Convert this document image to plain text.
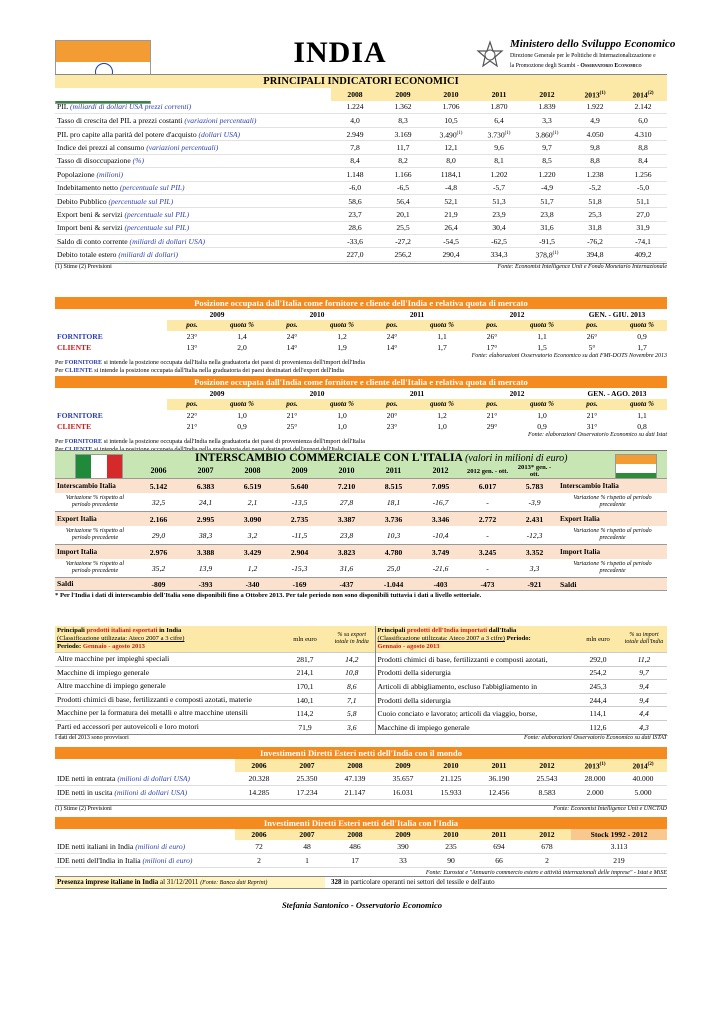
INDIA	Ministero dello Sviluppo Economico
Direzione Generale per le Politiche di Internazionalizzazione e
la Promozione degli Scambi - Osservatorio Economico
PRINCIPALI INDICATORI ECONOMICI
	2008	2009	2010	2011	2012	2013$^{(1)}$	2014$^{(2)}$
PIL (miliardi di dollari USA prezzi correnti)	1.224	1.362	1.706	1.870	1.839	1.922	2.142
Tasso di crescita del PIL a prezzi costanti (variazioni percentuali)	4,0	8,3	10,5	6,4	3,3	4,9	6,0
PIL pro capite alla parità del potere d'acquisto (dollari USA)	2.949	3.169	3.490$^{(1)}$	3.730$^{(1)}$	3.860$^{(1)}$	4.050	4.310
Indice dei prezzi al consumo (variazioni percentuali)	7,8	11,7	12,1	9,6	9,7	9,8	8,8
Tasso di disoccupazione (%)	8,4	8,2	8,0	8,1	8,5	8,8	8,4
Popolazione (milioni)	1.148	1.166	1184,1	1.202	1.220	1.238	1.256
Indebitamento netto (percentuale sul PIL)	-6,0	-6,5	-4,8	-5,7	-4,9	-5,2	-5,0
Debito Pubblico (percentuale sul PIL)	58,6	56,4	52,1	51,3	51,7	51,8	51,1
Export beni & servizi (percentuale sul PIL)	23,7	20,1	21,9	23,9	23,8	25,3	27,0
Import beni & servizi (percentuale sul PIL)	28,6	25,5	26,4	30,4	31,6	31,8	31,9
Saldo di conto corrente (miliardi di dollari USA)	-33,6	-27,2	-54,5	-62,5	-91,5	-76,2	-74,1
Debito totale estero (miliardi di dollari)	227,0	256,2	290,4	334,3	378,8$^{(1)}$	394,8	409,2
(1) Stime (2) Previsioni	Fonte: Economist Intelligence Unit e Fondo Monetario Internazionale
Posizione occupata dall'Italia come fornitore e cliente dell'India e relativa quota di mercato
	2009		2010		2011		2012		GEN. - GIU. 2013	
	pos.	quota %	pos.	quota %	pos.	quota %	pos.	quota %	pos.	quota %
FORNITORE	23°	1,4	24°	1,2	24°	1,1	26°	1,1	26°	0,9
CLIENTE	13°	2,0	14°	1,9	14°	1,7	17°	1,5	5°	1,7
Fonte: elaborazioni Osservatorio Economico su dati FMI-DOTS Novembre 2013
Per FORNITORE si intende la posizione occupata dall'Italia nella graduatoria dei paesi di provenienza dell'import dell'India
Per CLIENTE si intende la posizione occupata dall'Italia nella graduatoria dei paesi destinatari dell'export dell'India
Posizione occupata dall'India come fornitore e cliente dell'Italia e relativa quota di mercato
	2009		2010		2011		2012		GEN. - AGO. 2013	
	pos.	quota %	pos.	quota %	pos.	quota %	pos.	quota %	pos.	quota %
FORNITORE	22°	1,0	21°	1,0	20°	1,2	21°	1,0	21°	1,1
CLIENTE	21°	0,9	25°	1,0	23°	1,0	29°	0,9	31°	0,8
Fonte: elaborazioni Osservatorio Economico su dati Istat
Per FORNITORE si intende la posizione occupata dall'India nella graduatoria dei paesi di provenienza dell'import dell'Italia
INTERSCAMBIO COMMERCIALE CON L'ITALIA (valori in milioni di euro)
	2006	2007	2008	2009	2010	2011	2012	2012 gen. - ott.	2013* gen. - ott.	
Interscambio Italia	5.142	6.383	6.519	5.640	7.210	8.515	7.095	6.017	5.783	Interscambio Italia
Variazione % rispetto al periodo precedente	32,5	24,1	2,1	-13,5	27,8	18,1	-16,7	-	-3,9	Variazione % rispetto al periodo precedente
Export Italia	2.166	2.995	3.090	2.735	3.387	3.736	3.346	2.772	2.431	Export Italia
Variazione % rispetto al periodo precedente	29,0	38,3	3,2	-11,5	23,8	10,3	-10,4	-	-12,3	Variazione % rispetto al periodo precedente
Import Italia	2.976	3.388	3.429	2.904	3.823	4.780	3.749	3.245	3.352	Import Italia
Variazione % rispetto al periodo precedente	35,2	13,9	1,2	-15,3	31,6	25,0	-21,6	-	3,3	Variazione % rispetto al periodo precedente
Saldi	-809	-393	-340	-169	-437	-1.044	-403	-473	-921	Saldi
* Per l'India i dati di interscambio dell'Italia sono disponibili fino a Ottobre 2013. Per tale periodo non sono disponibili tuttavia i dati a livello settoriale.
Principali prodotti italiani esportati in India
(Classificazione utilizzata: Ateco 2007 a 3 cifre)
Periodo: Gennaio - agosto 2013	mln euro	% su export totale in India	Principali prodotti dell'India importati dall'Italia
(Classificazione utilizzata: Ateco 2007 a 3 cifre) Periodo:
Gennaio - agosto 2013	mln euro	% su import totale dall'India
Altre macchine per impieghi speciali	281,7	14,2	Prodotti chimici di base, fertilizzanti e composti azotati,	292,0	11,2
Macchine di impiego generale	214,1	10,8	Prodotti della siderurgia	254,2	9,7
Altre macchine di impiego generale	170,1	8,6	Articoli di abbigliamento, escluso l'abbigliamento in	245,3	9,4
Prodotti chimici di base, fertilizzanti e composti azotati, materie	140,1	7,1	Prodotti della siderurgia	244,4	9,4
Macchine per la formatura dei metalli e altre macchine utensili	114,2	5,8	Cuoio conciato e lavorato; articoli da viaggio, borse,	114,1	4,4
Parti ed accessori per autoveicoli e loro motori	71,9	3,6	Macchine di impiego generale	112,6	4,3
I dati del 2013 sono provvisori	Fonte: elaborazioni Osservatorio Economico su dati ISTAT
Investimenti Diretti Esteri netti dell'India con il mondo
	2006	2007	2008	2009	2010	2011	2012	2013$^{(1)}$	2014$^{(2)}$
IDE netti in entrata (milioni di dollari USA)	20.328	25.350	47.139	35.657	21.125	36.190	25.543	28.000	40.000
IDE netti in uscita (milioni di dollari USA)	14.285	17.234	21.147	16.031	15.933	12.456	8.583	2.000	5.000
(1) Stime (2) Previsioni	Fonte: Economist Intelligence Unit e UNCTAD
Investimenti Diretti Esteri netti dell'Italia con l'India
	2006	2007	2008	2009	2010	2011	2012	Stock 1992 - 2012
IDE netti italiani in India (milioni di euro)	72	48	486	390	235	694	678	3.113
IDE netti dell'India in Italia (milioni di euro)	2	1	17	33	90	66	2	219
Fonte: Eurostat e "Annuario commercio estero e attività internazionali delle imprese" - Istat e MiSE
Presenza imprese italiane in India al 31/12/2011 (Fonte: Banca dati Reprint)	328 in particolare operanti nei settori del tessile e dell'auto
Stefania Santonico - Osservatorio Economico
